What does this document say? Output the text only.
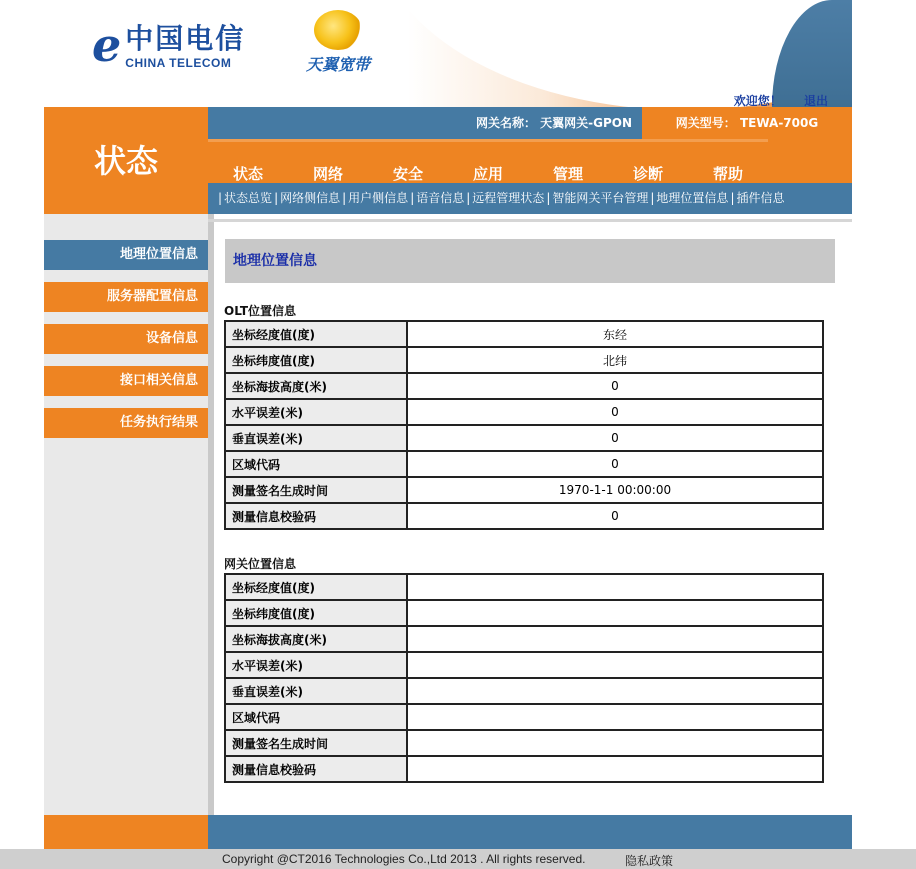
e 中国电信
CHINA TELECOM	天翼宽带
欢迎您！ 退出
状态
网关名称： 天翼网关-GPON	网关型号： TEWA-700G
状态	网络	安全	应用	管理	诊断	帮助
| 状态总览 | 网络侧信息 | 用户侧信息 | 语音信息 | 远程管理状态 | 智能网关平台管理 | 地理位置信息 | 插件信息
地理位置信息
服务器配置信息
设备信息
接口相关信息
任务执行结果
地理位置信息
OLT位置信息
坐标经度值(度)	东经
坐标纬度值(度)	北纬
坐标海拔高度(米)	0
水平误差(米)	0
垂直误差(米)	0
区域代码	0
测量签名生成时间	1970-1-1 00:00:00
测量信息校验码	0
网关位置信息
坐标经度值(度)	
坐标纬度值(度)	
坐标海拔高度(米)	
水平误差(米)	
垂直误差(米)	
区域代码	
测量签名生成时间	
测量信息校验码	
Copyright @CT2016 Technologies Co.,Ltd 2013 . All rights reserved.	隐私政策
